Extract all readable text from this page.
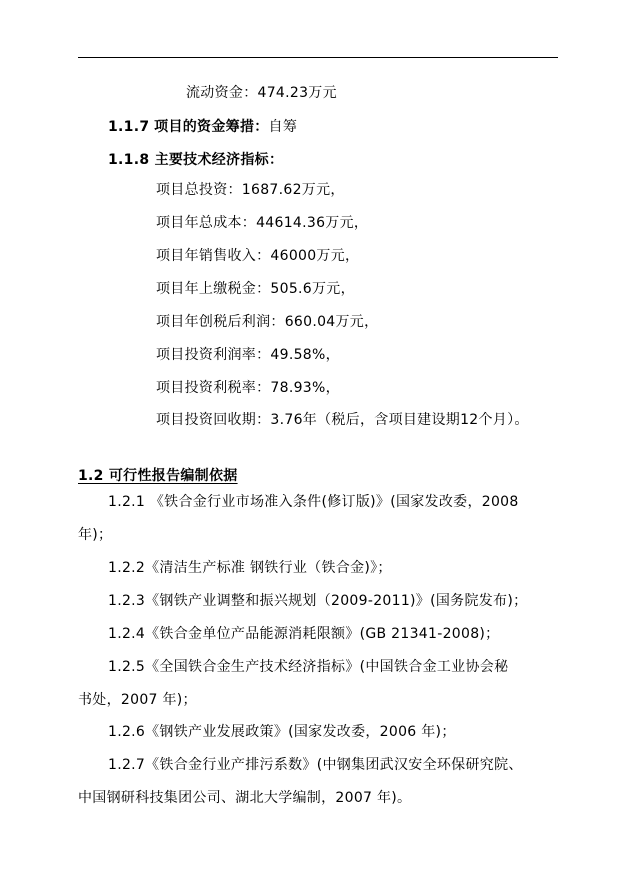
流动资金：474.23万元
1.1.7 项目的资金筹措：自筹
1.1.8 主要技术经济指标：
项目总投资：1687.62万元，
项目年总成本：44614.36万元，
项目年销售收入：46000万元，
项目年上缴税金：505.6万元，
项目年创税后利润：660.04万元，
项目投资利润率：49.58%，
项目投资利税率：78.93%，
项目投资回收期：3.76年（税后，含项目建设期12个月）。
1.2 可行性报告编制依据
1.2.1 《铁合金行业市场准入条件(修订版)》(国家发改委，2008
年)；
1.2.2《清洁生产标准 钢铁行业（铁合金)》；
1.2.3《钢铁产业调整和振兴规划（2009-2011)》(国务院发布)；
1.2.4《铁合金单位产品能源消耗限额》(GB 21341-2008)；
1.2.5《全国铁合金生产技术经济指标》(中国铁合金工业协会秘
书处，2007 年)；
1.2.6《钢铁产业发展政策》(国家发改委，2006 年)；
1.2.7《铁合金行业产排污系数》(中钢集团武汉安全环保研究院、
中国钢研科技集团公司、湖北大学编制，2007 年)。
